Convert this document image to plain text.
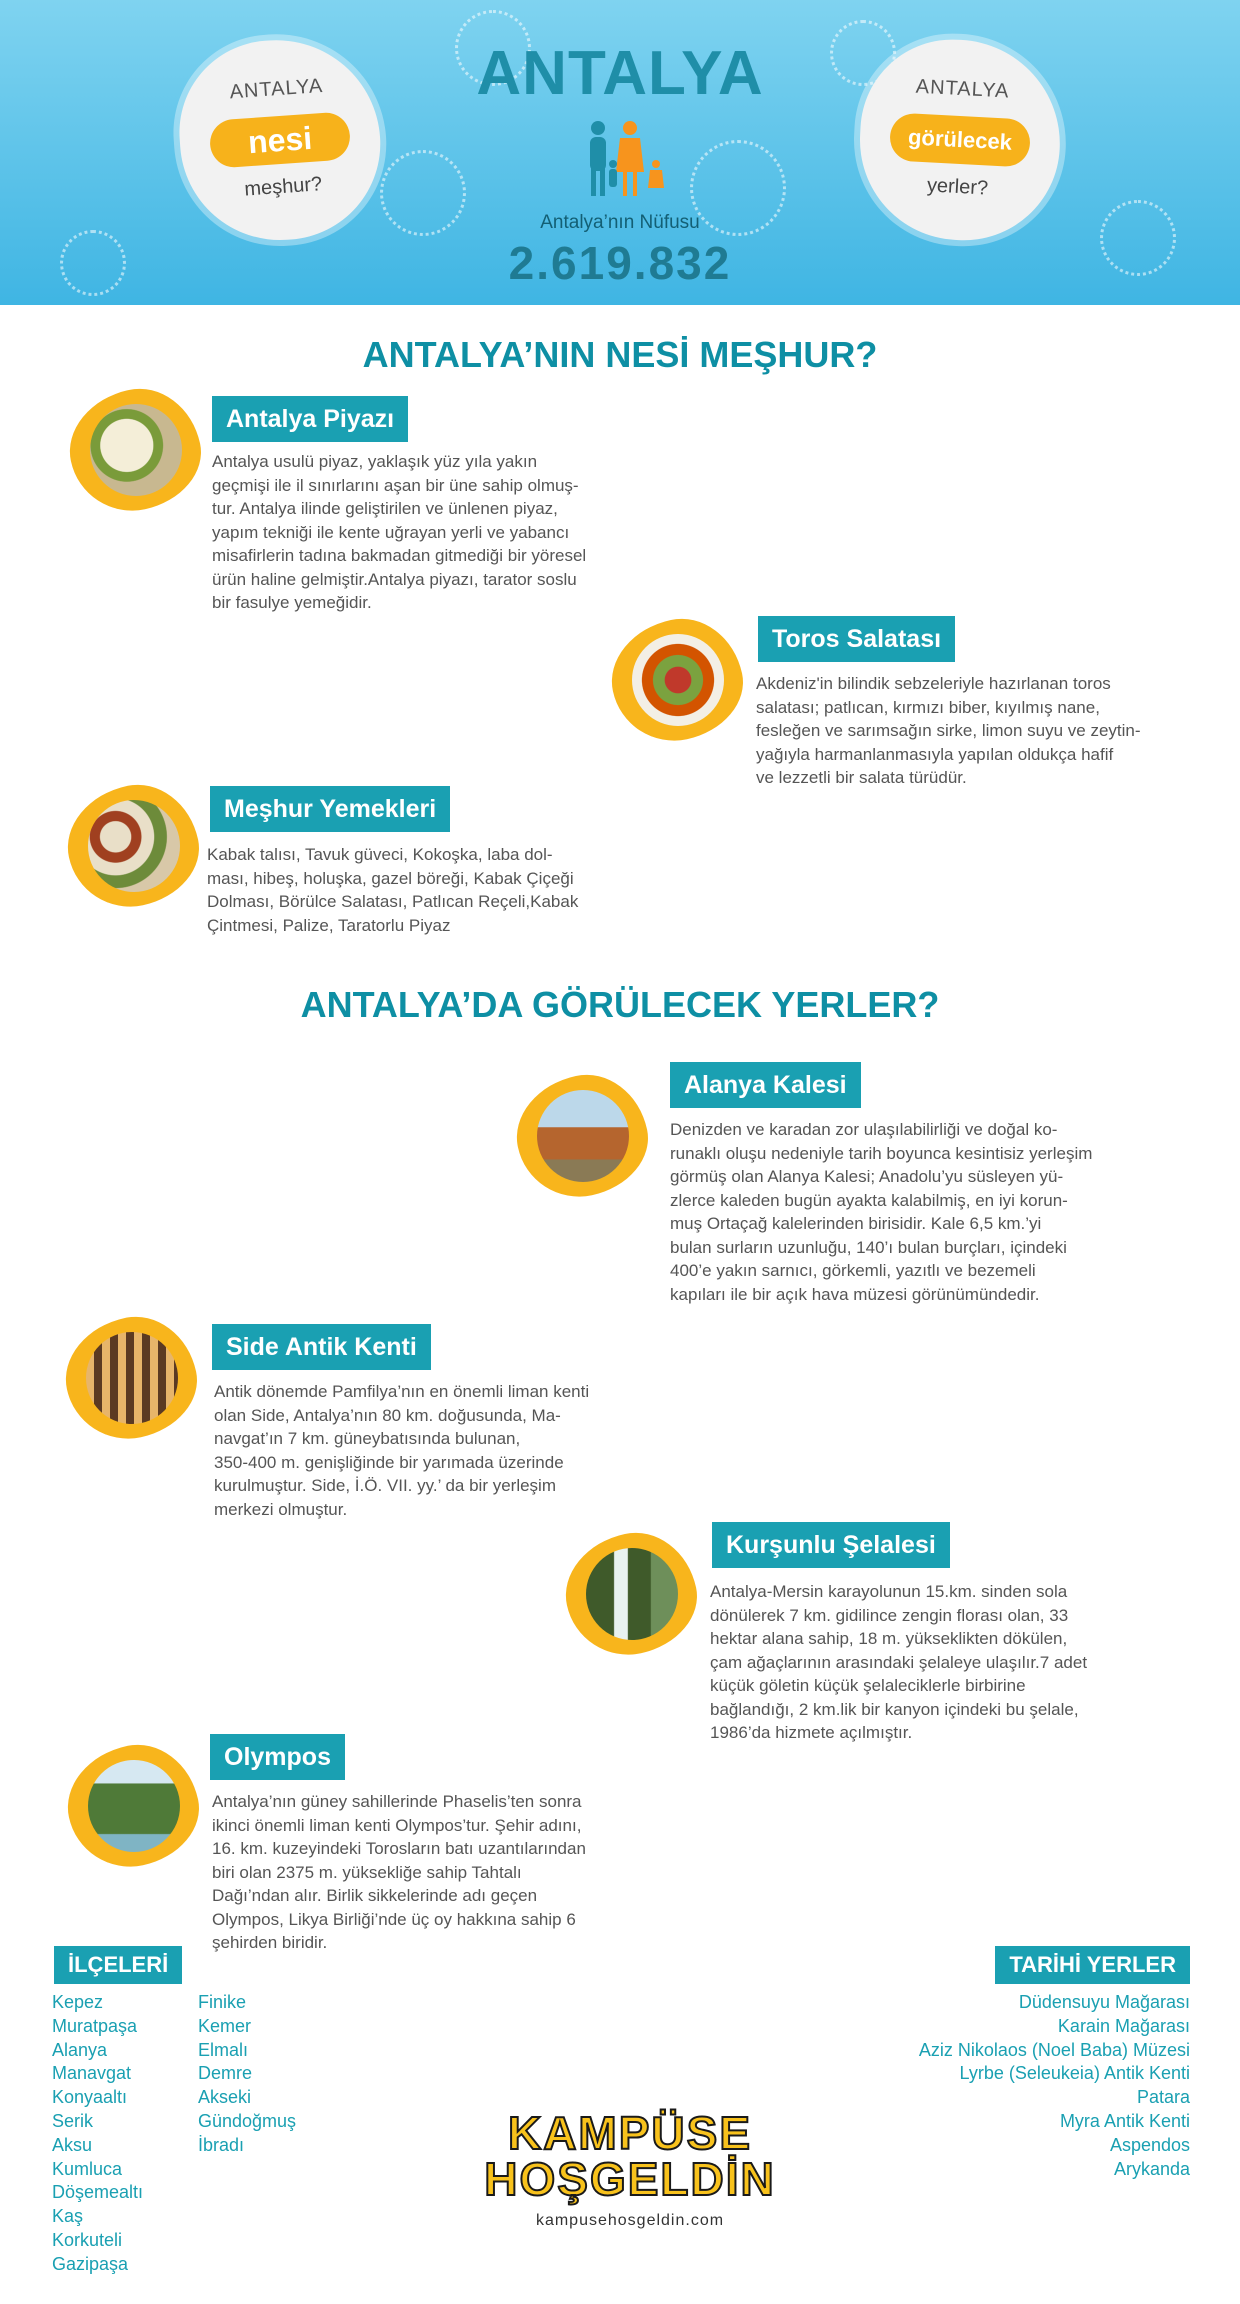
ANTALYA
nesi
meşhur?
ANTALYA
Antalya’nın Nüfusu
2.619.832
ANTALYA
görülecek
yerler?
ANTALYA’NIN NESİ MEŞHUR?
Antalya Piyazı
Antalya usulü piyaz, yaklaşık yüz yıla yakın
geçmişi ile il sınırlarını aşan bir üne sahip olmuş-
tur. Antalya ilinde geliştirilen ve ünlenen piyaz,
yapım tekniği ile kente uğrayan yerli ve yabancı
misafirlerin tadına bakmadan gitmediği bir yöresel
ürün haline gelmiştir.Antalya piyazı, tarator soslu
bir fasulye yemeğidir.
Toros Salatası
Akdeniz'in bilindik sebzeleriyle hazırlanan toros
salatası; patlıcan, kırmızı biber, kıyılmış nane,
fesleğen ve sarımsağın sirke, limon suyu ve zeytin-
yağıyla harmanlanmasıyla yapılan oldukça hafif
ve lezzetli bir salata türüdür.
Meşhur Yemekleri
Kabak talısı, Tavuk güveci, Kokoşka, laba dol-
ması, hibeş, holuşka, gazel böreği, Kabak Çiçeği
Dolması, Börülce Salatası, Patlıcan Reçeli,Kabak
Çintmesi, Palize, Taratorlu Piyaz
ANTALYA’DA GÖRÜLECEK YERLER?
Alanya Kalesi
Denizden ve karadan zor ulaşılabilirliği ve doğal ko-
runaklı oluşu nedeniyle tarih boyunca kesintisiz yerleşim
görmüş olan Alanya Kalesi; Anadolu’yu süsleyen yü-
zlerce kaleden bugün ayakta kalabilmiş, en iyi korun-
muş Ortaçağ kalelerinden birisidir. Kale 6,5 km.’yi
bulan surların uzunluğu, 140’ı bulan burçları, içindeki
400’e yakın sarnıcı, görkemli, yazıtlı ve bezemeli
kapıları ile bir açık hava müzesi görünümündedir.
Side Antik Kenti
Antik dönemde Pamfilya’nın en önemli liman kenti
olan Side, Antalya’nın 80 km. doğusunda, Ma-
navgat’ın 7 km. güneybatısında bulunan,
350-400 m. genişliğinde bir yarımada üzerinde
kurulmuştur. Side, İ.Ö. VII. yy.’ da bir yerleşim
merkezi olmuştur.
Kurşunlu Şelalesi
Antalya-Mersin karayolunun 15.km. sinden sola
dönülerek 7 km. gidilince zengin florası olan, 33
hektar alana sahip, 18 m. yükseklikten dökülen,
çam ağaçlarının arasındaki şelaleye ulaşılır.7 adet
küçük göletin küçük şelaleciklerle birbirine
bağlandığı, 2 km.lik bir kanyon içindeki bu şelale,
1986’da hizmete açılmıştır.
Olympos
Antalya’nın güney sahillerinde Phaselis’ten sonra
ikinci önemli liman kenti Olympos’tur. Şehir adını,
16. km. kuzeyindeki Torosların batı uzantılarından
biri olan 2375 m. yüksekliğe sahip Tahtalı
Dağı’ndan alır. Birlik sikkelerinde adı geçen
Olympos, Likya Birliği’nde üç oy hakkına sahip 6
şehirden biridir.
İLÇELERİ
Kepez
Muratpaşa
Alanya
Manavgat
Konyaaltı
Serik
Aksu
Kumluca
Döşemealtı
Kaş
Korkuteli
Gazipaşa
Finike
Kemer
Elmalı
Demre
Akseki
Gündoğmuş
İbradı	KAMPÜSE
HOŞGELDİN
kampusehosgeldin.com
TARİHİ YERLER
Düdensuyu Mağarası
Karain Mağarası
Aziz Nikolaos (Noel Baba) Müzesi
Lyrbe (Seleukeia) Antik Kenti
Patara
Myra Antik Kenti
Aspendos
Arykanda
